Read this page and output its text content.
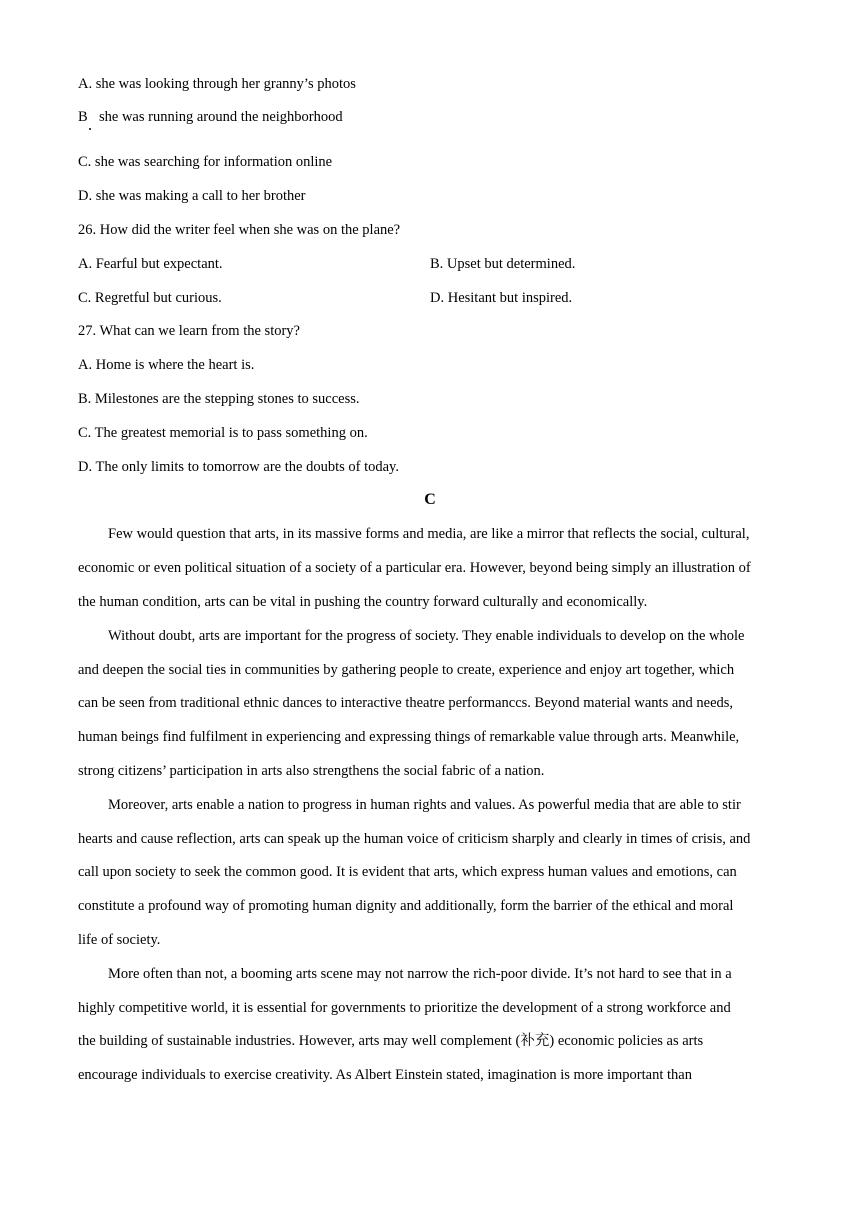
A. she was looking through her granny’s photos
B she was running around the neighborhood
C. she was searching for information online
D. she was making a call to her brother
26. How did the writer feel when she was on the plane?
A. Fearful but expectant.	B. Upset but determined.
C. Regretful but curious.	D. Hesitant but inspired.
27. What can we learn from the story?
A. Home is where the heart is.
B. Milestones are the stepping stones to success.
C. The greatest memorial is to pass something on.
D. The only limits to tomorrow are the doubts of today.
C
Few would question that arts, in its massive forms and media, are like a mirror that reflects the social, cultural,
economic or even political situation of a society of a particular era. However, beyond being simply an illustration of
the human condition, arts can be vital in pushing the country forward culturally and economically.
Without doubt, arts are important for the progress of society. They enable individuals to develop on the whole
and deepen the social ties in communities by gathering people to create, experience and enjoy art together, which
can be seen from traditional ethnic dances to interactive theatre performanccs. Beyond material wants and needs,
human beings find fulfilment in experiencing and expressing things of remarkable value through arts. Meanwhile,
strong citizens’ participation in arts also strengthens the social fabric of a nation.
Moreover, arts enable a nation to progress in human rights and values. As powerful media that are able to stir
hearts and cause reflection, arts can speak up the human voice of criticism sharply and clearly in times of crisis, and
call upon society to seek the common good. It is evident that arts, which express human values and emotions, can
constitute a profound way of promoting human dignity and additionally, form the barrier of the ethical and moral
life of society.
More often than not, a booming arts scene may not narrow the rich-poor divide. It’s not hard to see that in a
highly competitive world, it is essential for governments to prioritize the development of a strong workforce and
the building of sustainable industries. However, arts may well complement (补充) economic policies as arts
encourage individuals to exercise creativity. As Albert Einstein stated, imagination is more important than
